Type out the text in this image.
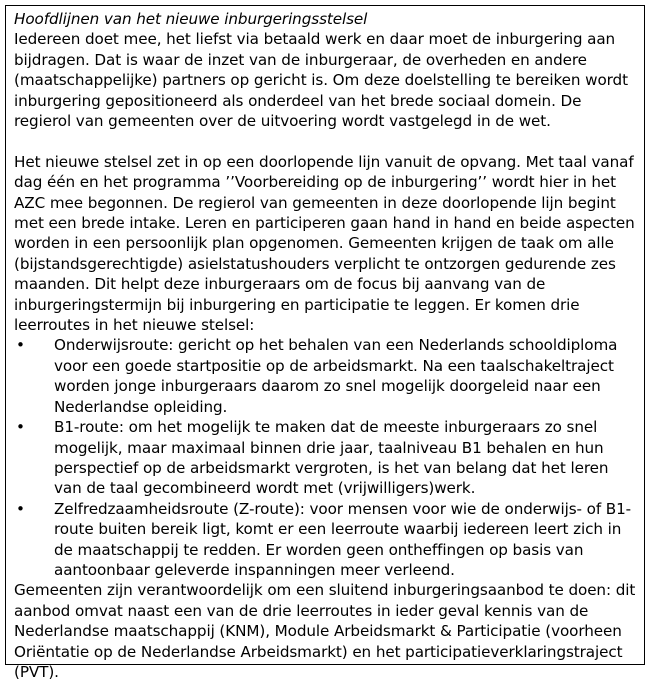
Hoofdlijnen van het nieuwe inburgeringsstelsel

Iedereen doet mee, het liefst via betaald werk en daar moet de inburgering aan bijdragen. Dat is waar de inzet van de inburgeraar, de overheden en andere (maatschappelijke) partners op gericht is. Om deze doelstelling te bereiken wordt inburgering gepositioneerd als onderdeel van het brede sociaal domein. De regierol van gemeenten over de uitvoering wordt vastgelegd in de wet.

Het nieuwe stelsel zet in op een doorlopende lijn vanuit de opvang. Met taal vanaf dag één en het programma ’’Voorbereiding op de inburgering’’ wordt hier in het AZC mee begonnen. De regierol van gemeenten in deze doorlopende lijn begint met een brede intake. Leren en participeren gaan hand in hand en beide aspecten worden in een persoonlijk plan opgenomen. Gemeenten krijgen de taak om alle (bijstandsgerechtigde) asielstatushouders verplicht te ontzorgen gedurende zes maanden. Dit helpt deze inburgeraars om de focus bij aanvang van de inburgeringstermijn bij inburgering en participatie te leggen. Er komen drie leerroutes in het nieuwe stelsel:

•	Onderwijsroute: gericht op het behalen van een Nederlands schooldiploma voor een goede startpositie op de arbeidsmarkt. Na een taalschakeltraject worden jonge inburgeraars daarom zo snel mogelijk doorgeleid naar een Nederlandse opleiding.
•	B1-route: om het mogelijk te maken dat de meeste inburgeraars zo snel mogelijk, maar maximaal binnen drie jaar, taalniveau B1 behalen en hun perspectief op de arbeidsmarkt vergroten, is het van belang dat het leren van de taal gecombineerd wordt met (vrijwilligers)werk.
•	Zelfredzaamheidsroute (Z-route): voor mensen voor wie de onderwijs- of B1-route buiten bereik ligt, komt er een leerroute waarbij iedereen leert zich in de maatschappij te redden. Er worden geen ontheffingen op basis van aantoonbaar geleverde inspanningen meer verleend.

Gemeenten zijn verantwoordelijk om een sluitend inburgeringsaanbod te doen: dit aanbod omvat naast een van de drie leerroutes in ieder geval kennis van de Nederlandse maatschappij (KNM), Module Arbeidsmarkt & Participatie (voorheen Oriëntatie op de Nederlandse Arbeidsmarkt) en het participatieverklaringstraject (PVT).
